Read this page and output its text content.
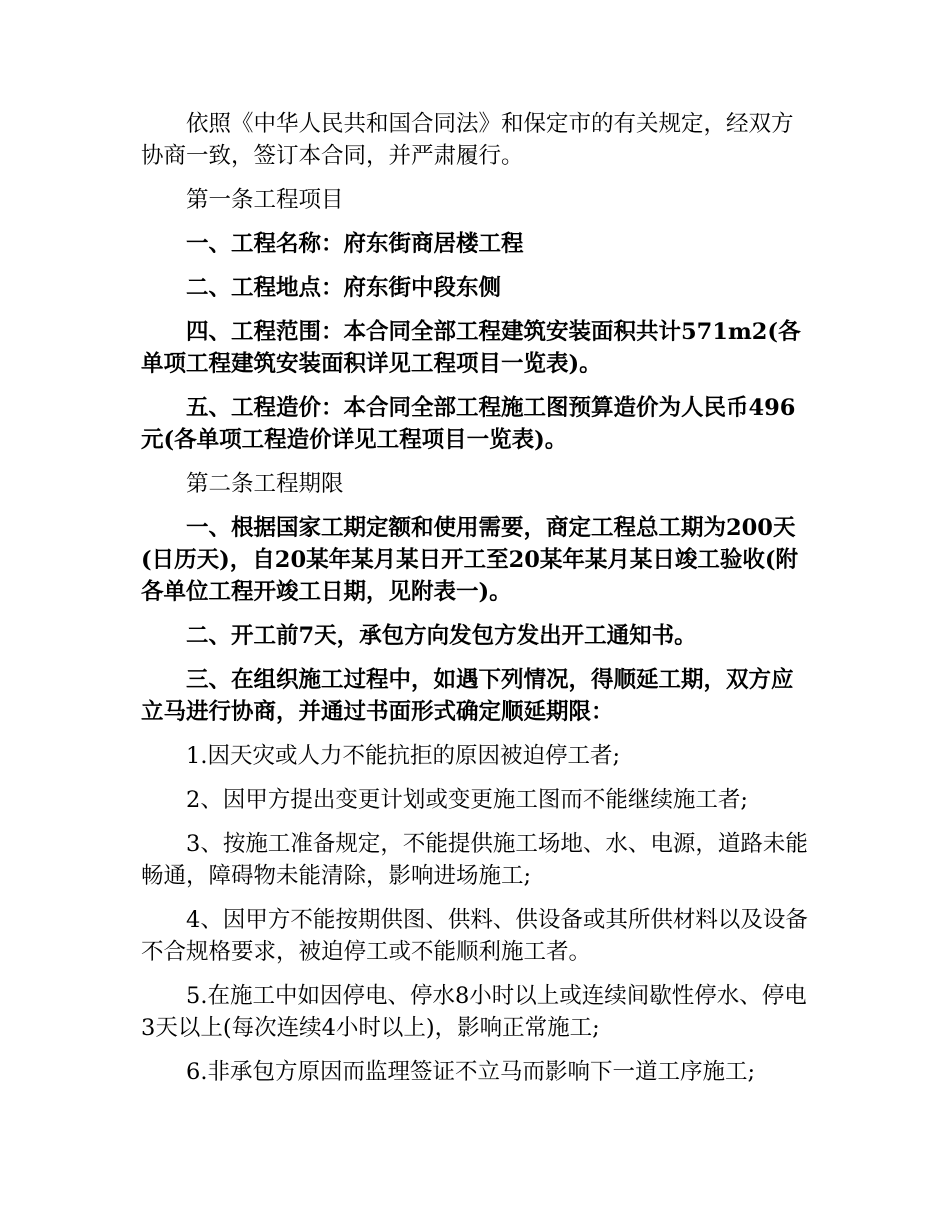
依照《中华人民共和国合同法》和保定市的有关规定，经双方协商一致，签订本合同，并严肃履行。

第一条工程项目

一、工程名称：府东街商居楼工程

二、工程地点：府东街中段东侧

四、工程范围：本合同全部工程建筑安装面积共计571m2(各单项工程建筑安装面积详见工程项目一览表)。

五、工程造价：本合同全部工程施工图预算造价为人民币496元(各单项工程造价详见工程项目一览表)。

第二条工程期限

一、根据国家工期定额和使用需要，商定工程总工期为200天(日历天)，自20某年某月某日开工至20某年某月某日竣工验收(附各单位工程开竣工日期，见附表一)。

二、开工前7天，承包方向发包方发出开工通知书。

三、在组织施工过程中，如遇下列情况，得顺延工期，双方应立马进行协商，并通过书面形式确定顺延期限：

1.因天灾或人力不能抗拒的原因被迫停工者;

2、因甲方提出变更计划或变更施工图而不能继续施工者;

3、按施工准备规定，不能提供施工场地、水、电源，道路未能畅通，障碍物未能清除，影响进场施工;

4、因甲方不能按期供图、供料、供设备或其所供材料以及设备不合规格要求，被迫停工或不能顺利施工者。

5.在施工中如因停电、停水8小时以上或连续间歇性停水、停电3天以上(每次连续4小时以上)，影响正常施工;

6.非承包方原因而监理签证不立马而影响下一道工序施工;
